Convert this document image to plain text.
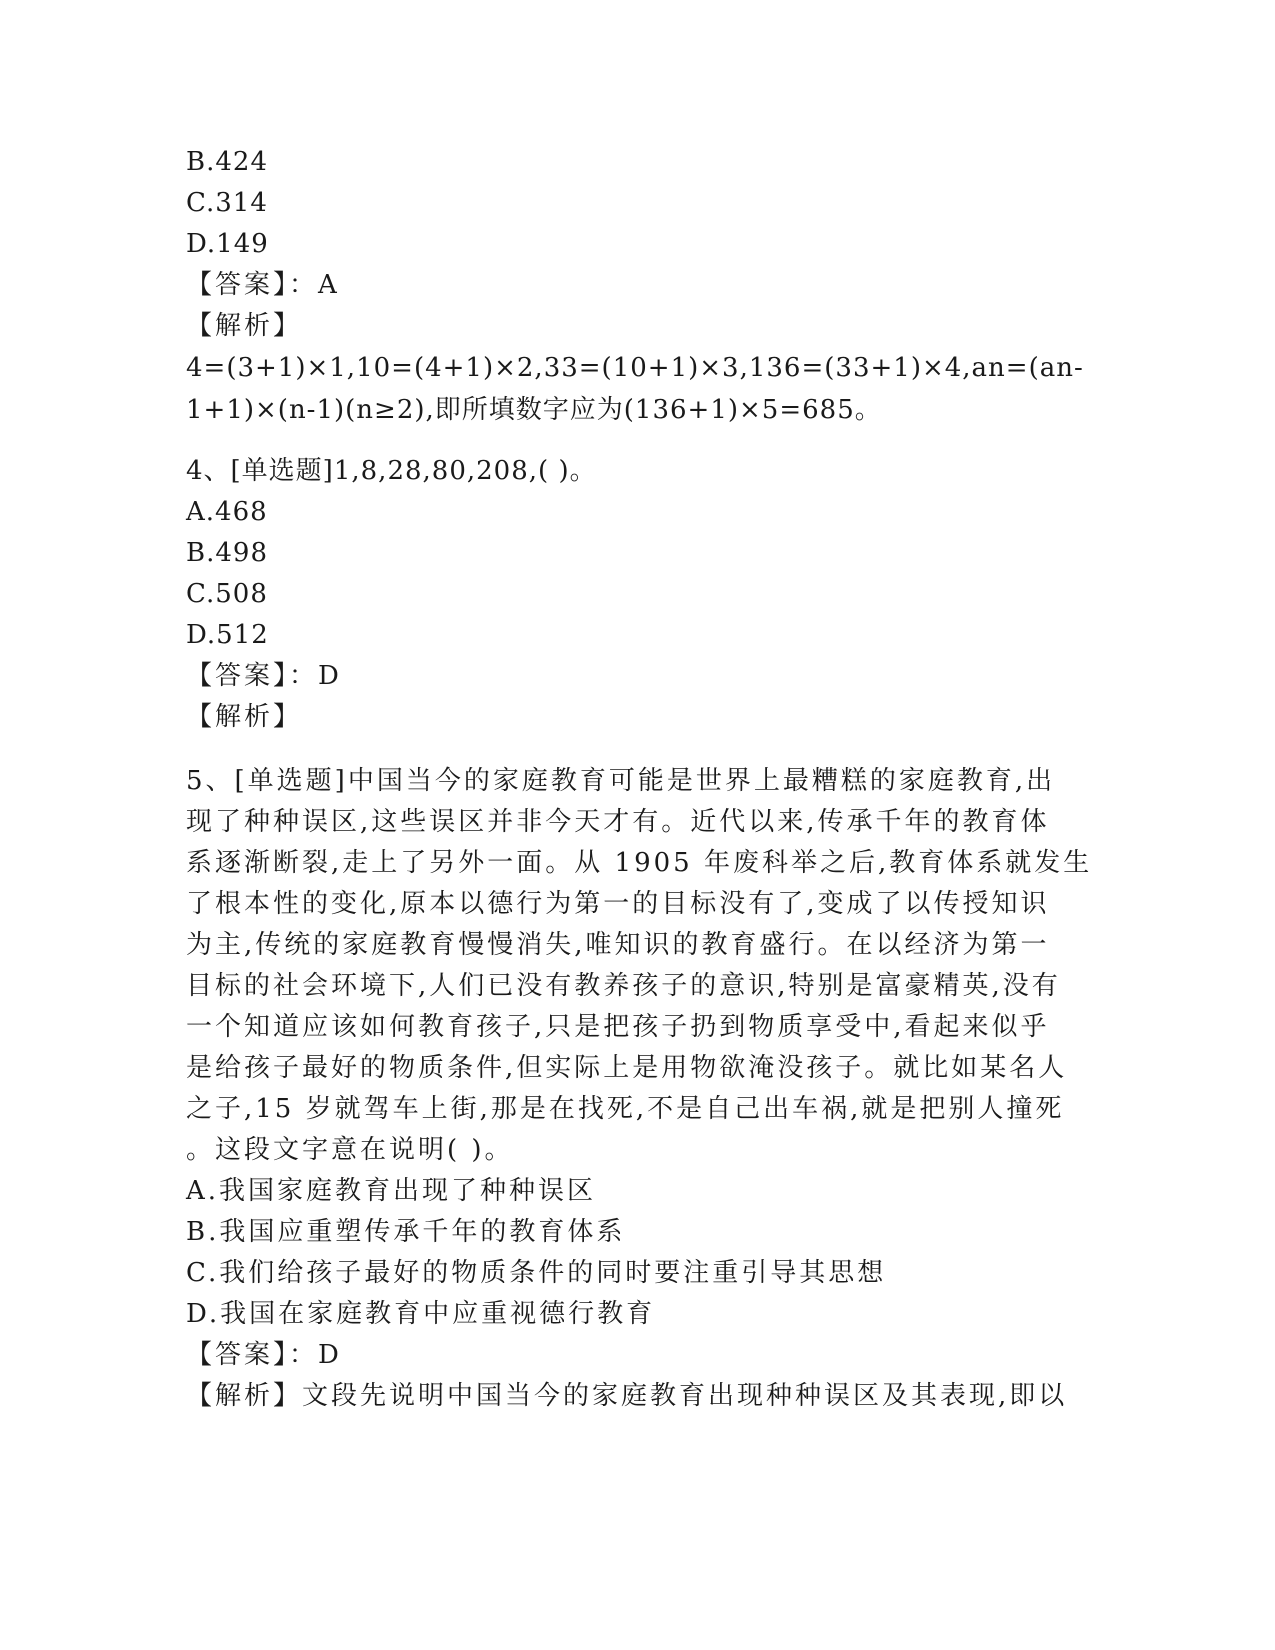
B.424
C.314
D.149
【答案】：A
【解析】
4=(3+1)×1,10=(4+1)×2,33=(10+1)×3,136=(33+1)×4,an=(an-
1+1)×(n-1)(n≥2),即所填数字应为(136+1)×5=685。
4、[单选题]1,8,28,80,208,( )。
A.468
B.498
C.508
D.512
【答案】：D
【解析】
5、[单选题]中国当今的家庭教育可能是世界上最糟糕的家庭教育,出
现了种种误区,这些误区并非今天才有。近代以来,传承千年的教育体
系逐渐断裂,走上了另外一面。从 1905 年废科举之后,教育体系就发生
了根本性的变化,原本以德行为第一的目标没有了,变成了以传授知识
为主,传统的家庭教育慢慢消失,唯知识的教育盛行。在以经济为第一
目标的社会环境下,人们已没有教养孩子的意识,特别是富豪精英,没有
一个知道应该如何教育孩子,只是把孩子扔到物质享受中,看起来似乎
是给孩子最好的物质条件,但实际上是用物欲淹没孩子。就比如某名人
之子,15 岁就驾车上街,那是在找死,不是自己出车祸,就是把别人撞死
。这段文字意在说明( )。
A.我国家庭教育出现了种种误区
B.我国应重塑传承千年的教育体系
C.我们给孩子最好的物质条件的同时要注重引导其思想
D.我国在家庭教育中应重视德行教育
【答案】：D
【解析】文段先说明中国当今的家庭教育出现种种误区及其表现,即以
